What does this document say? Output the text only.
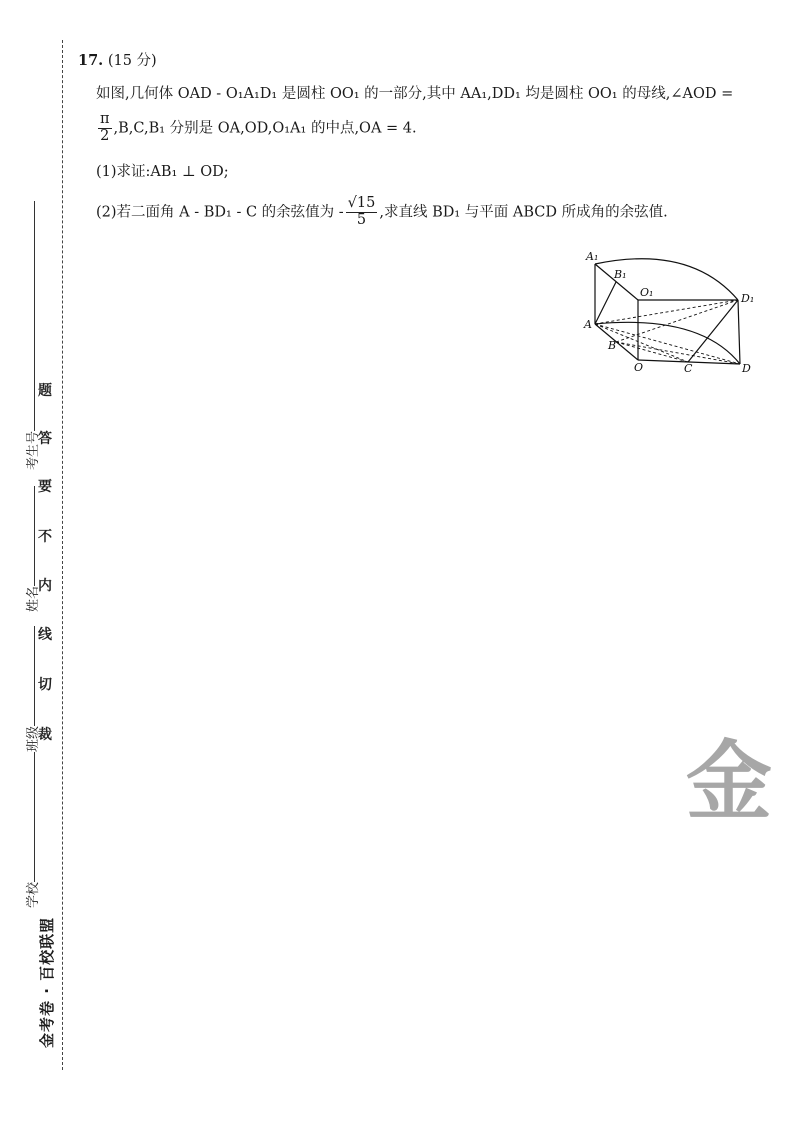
考生号
姓名
班级
学校
题
答
要
不
内
线
切
裁
金考卷 · 百校联盟
17. (15 分)
如图,几何体 OAD - O₁A₁D₁ 是圆柱 OO₁ 的一部分,其中 AA₁,DD₁ 均是圆柱 OO₁ 的母线,∠AOD =
$\frac{\pi}{2} ,B,C,B_1$ 分别是 OA,OD,O₁A₁ 的中点,OA = 4.
(1)求证:AB₁ ⊥ OD;
(2)若二面角 A - BD₁ - C 的余弦值为 - $\frac{√15}{5}$ ,求直线 BD₁ 与平面 ABCD 所成角的余弦值.
A₁
B₁
O₁	D₁
A
B
O	C	D
金
